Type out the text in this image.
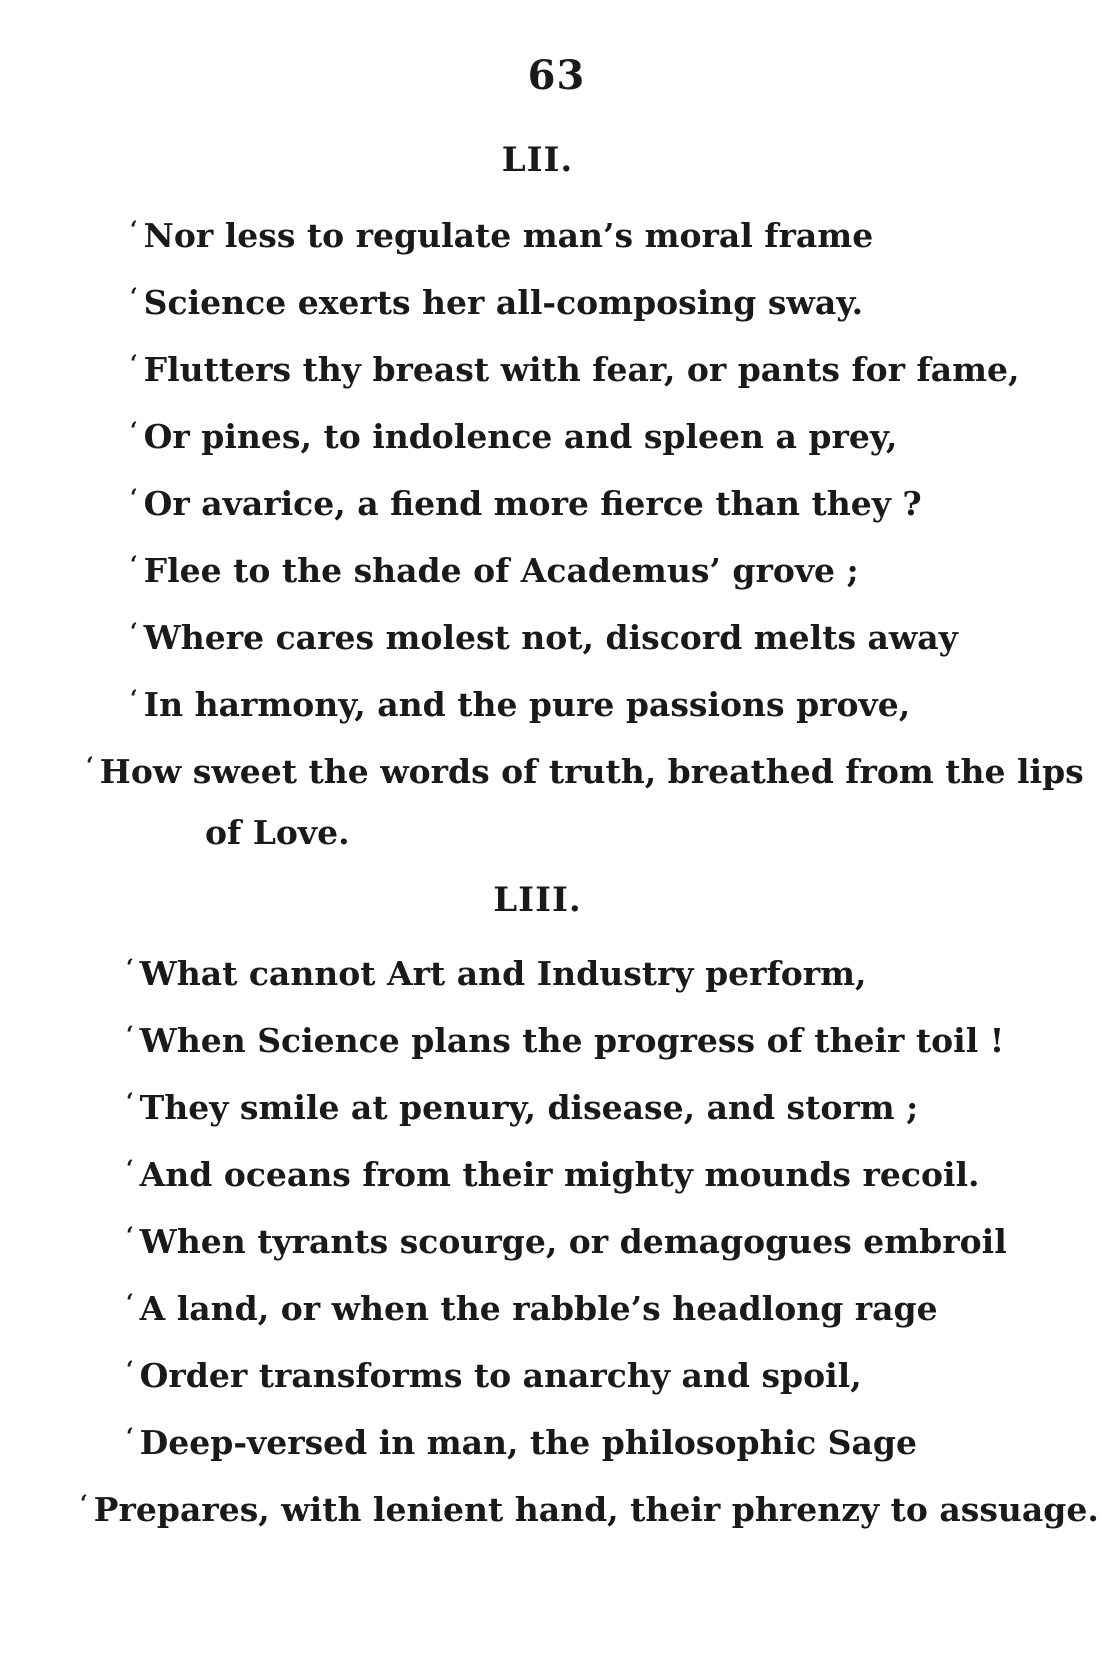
63
LII.
‘ Nor less to regulate man’s moral frame
‘ Science exerts her all-composing sway.
‘ Flutters thy breast with fear, or pants for fame,
‘ Or pines, to indolence and spleen a prey,
‘ Or avarice, a fiend more fierce than they ?
‘ Flee to the shade of Academus’ grove ;
‘ Where cares molest not, discord melts away
‘ In harmony, and the pure passions prove,
‘ How sweet the words of truth, breathed from the lips
of Love.
LIII.
‘ What cannot Art and Industry perform,
‘ When Science plans the progress of their toil !
‘ They smile at penury, disease, and storm ;
‘ And oceans from their mighty mounds recoil.
‘ When tyrants scourge, or demagogues embroil
‘ A land, or when the rabble’s headlong rage
‘ Order transforms to anarchy and spoil,
‘ Deep-versed in man, the philosophic Sage
‘ Prepares, with lenient hand, their phrenzy to assuage.
